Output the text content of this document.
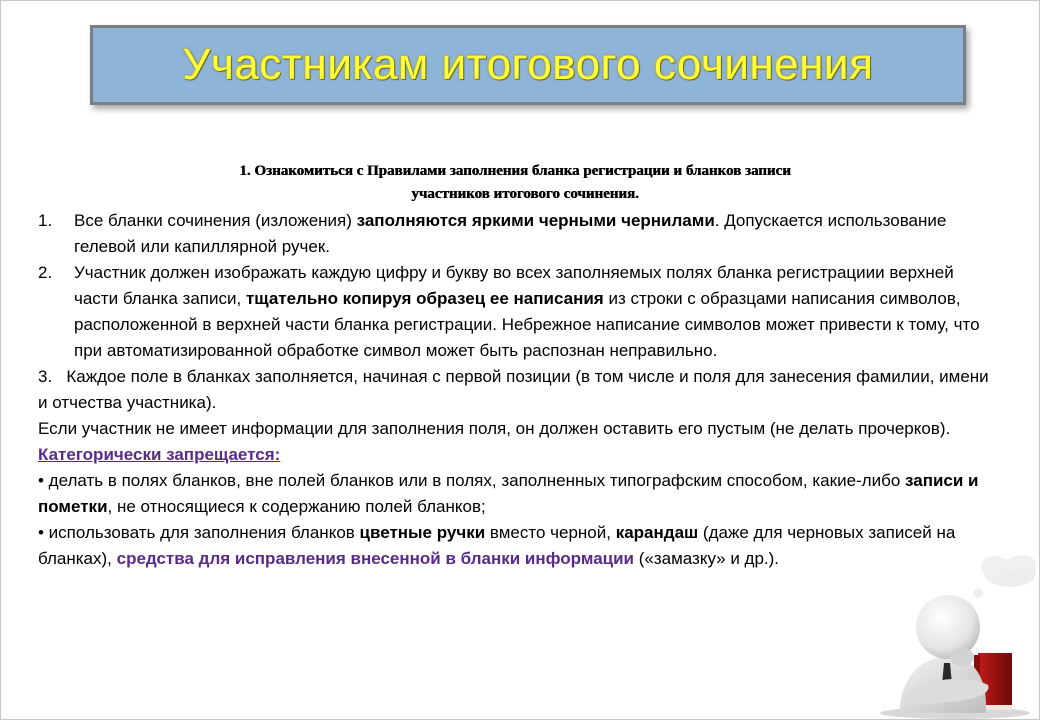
Участникам итогового сочинения
1. Ознакомиться с Правилами заполнения бланка регистрации и бланков записи
участников итогового сочинения.
1.	Все бланки сочинения (изложения) заполняются яркими черными чернилами. Допускается использование гелевой или капиллярной ручек.
2.	Участник должен изображать каждую цифру и букву во всех заполняемых полях бланка регистрациии верхней части бланка записи, тщательно копируя образец ее написания из строки с образцами написания символов, расположенной в верхней части бланка регистрации. Небрежное написание символов может привести к тому, что при автоматизированной обработке символ может быть распознан неправильно.
3. Каждое поле в бланках заполняется, начиная с первой позиции (в том числе и поля для занесения фамилии, имени и отчества участника).
Если участник не имеет информации для заполнения поля, он должен оставить его пустым (не делать прочерков).
Категорически запрещается:
• делать в полях бланков, вне полей бланков или в полях, заполненных типографским способом, какие-либо записи и пометки, не относящиеся к содержанию полей бланков;
• использовать для заполнения бланков цветные ручки вместо черной, карандаш (даже для черновых записей на бланках), средства для исправления внесенной в бланки информации («замазку» и др.).
